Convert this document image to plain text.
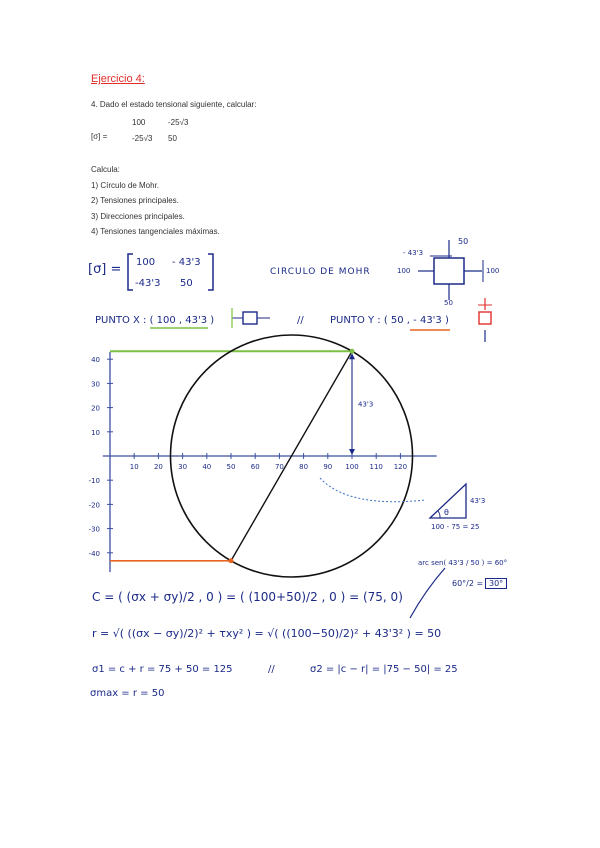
Ejercicio 4:
4. Dado el estado tensional siguiente, calcular:
[σ] =
100	-25√3
-25√3 50
Calcula:
1) Círculo de Mohr.
2) Tensiones principales.
3) Direcciones principales.
4) Tensiones tangenciales máximas.
[σ] = 100 - 43'3
-43'3 50
CIRCULO DE MOHR
50
- 43'3
100	100
50
PUNTO X : ( 100 , 43'3 )	//	PUNTO Y : ( 50 , - 43'3 )
10 20 30 40 50 60 70 80 90 100 110 120
40
30
20
10
-10
-20
-30
-40
43'3
43'3
θ
100 - 75 = 25
arc sen( 43'3 / 50 ) = 60°
60°/2 = 30°
C = ( (σx + σy)/2 , 0 ) = ( (100+50)/2 , 0 ) = (75, 0)
r = √( ((σx − σy)/2)² + τxy² ) = √( ((100−50)/2)² + 43'3² ) = 50
σ1 = c + r = 75 + 50 = 125	//	σ2 = |c − r| = |75 − 50| = 25
σmax = r = 50
